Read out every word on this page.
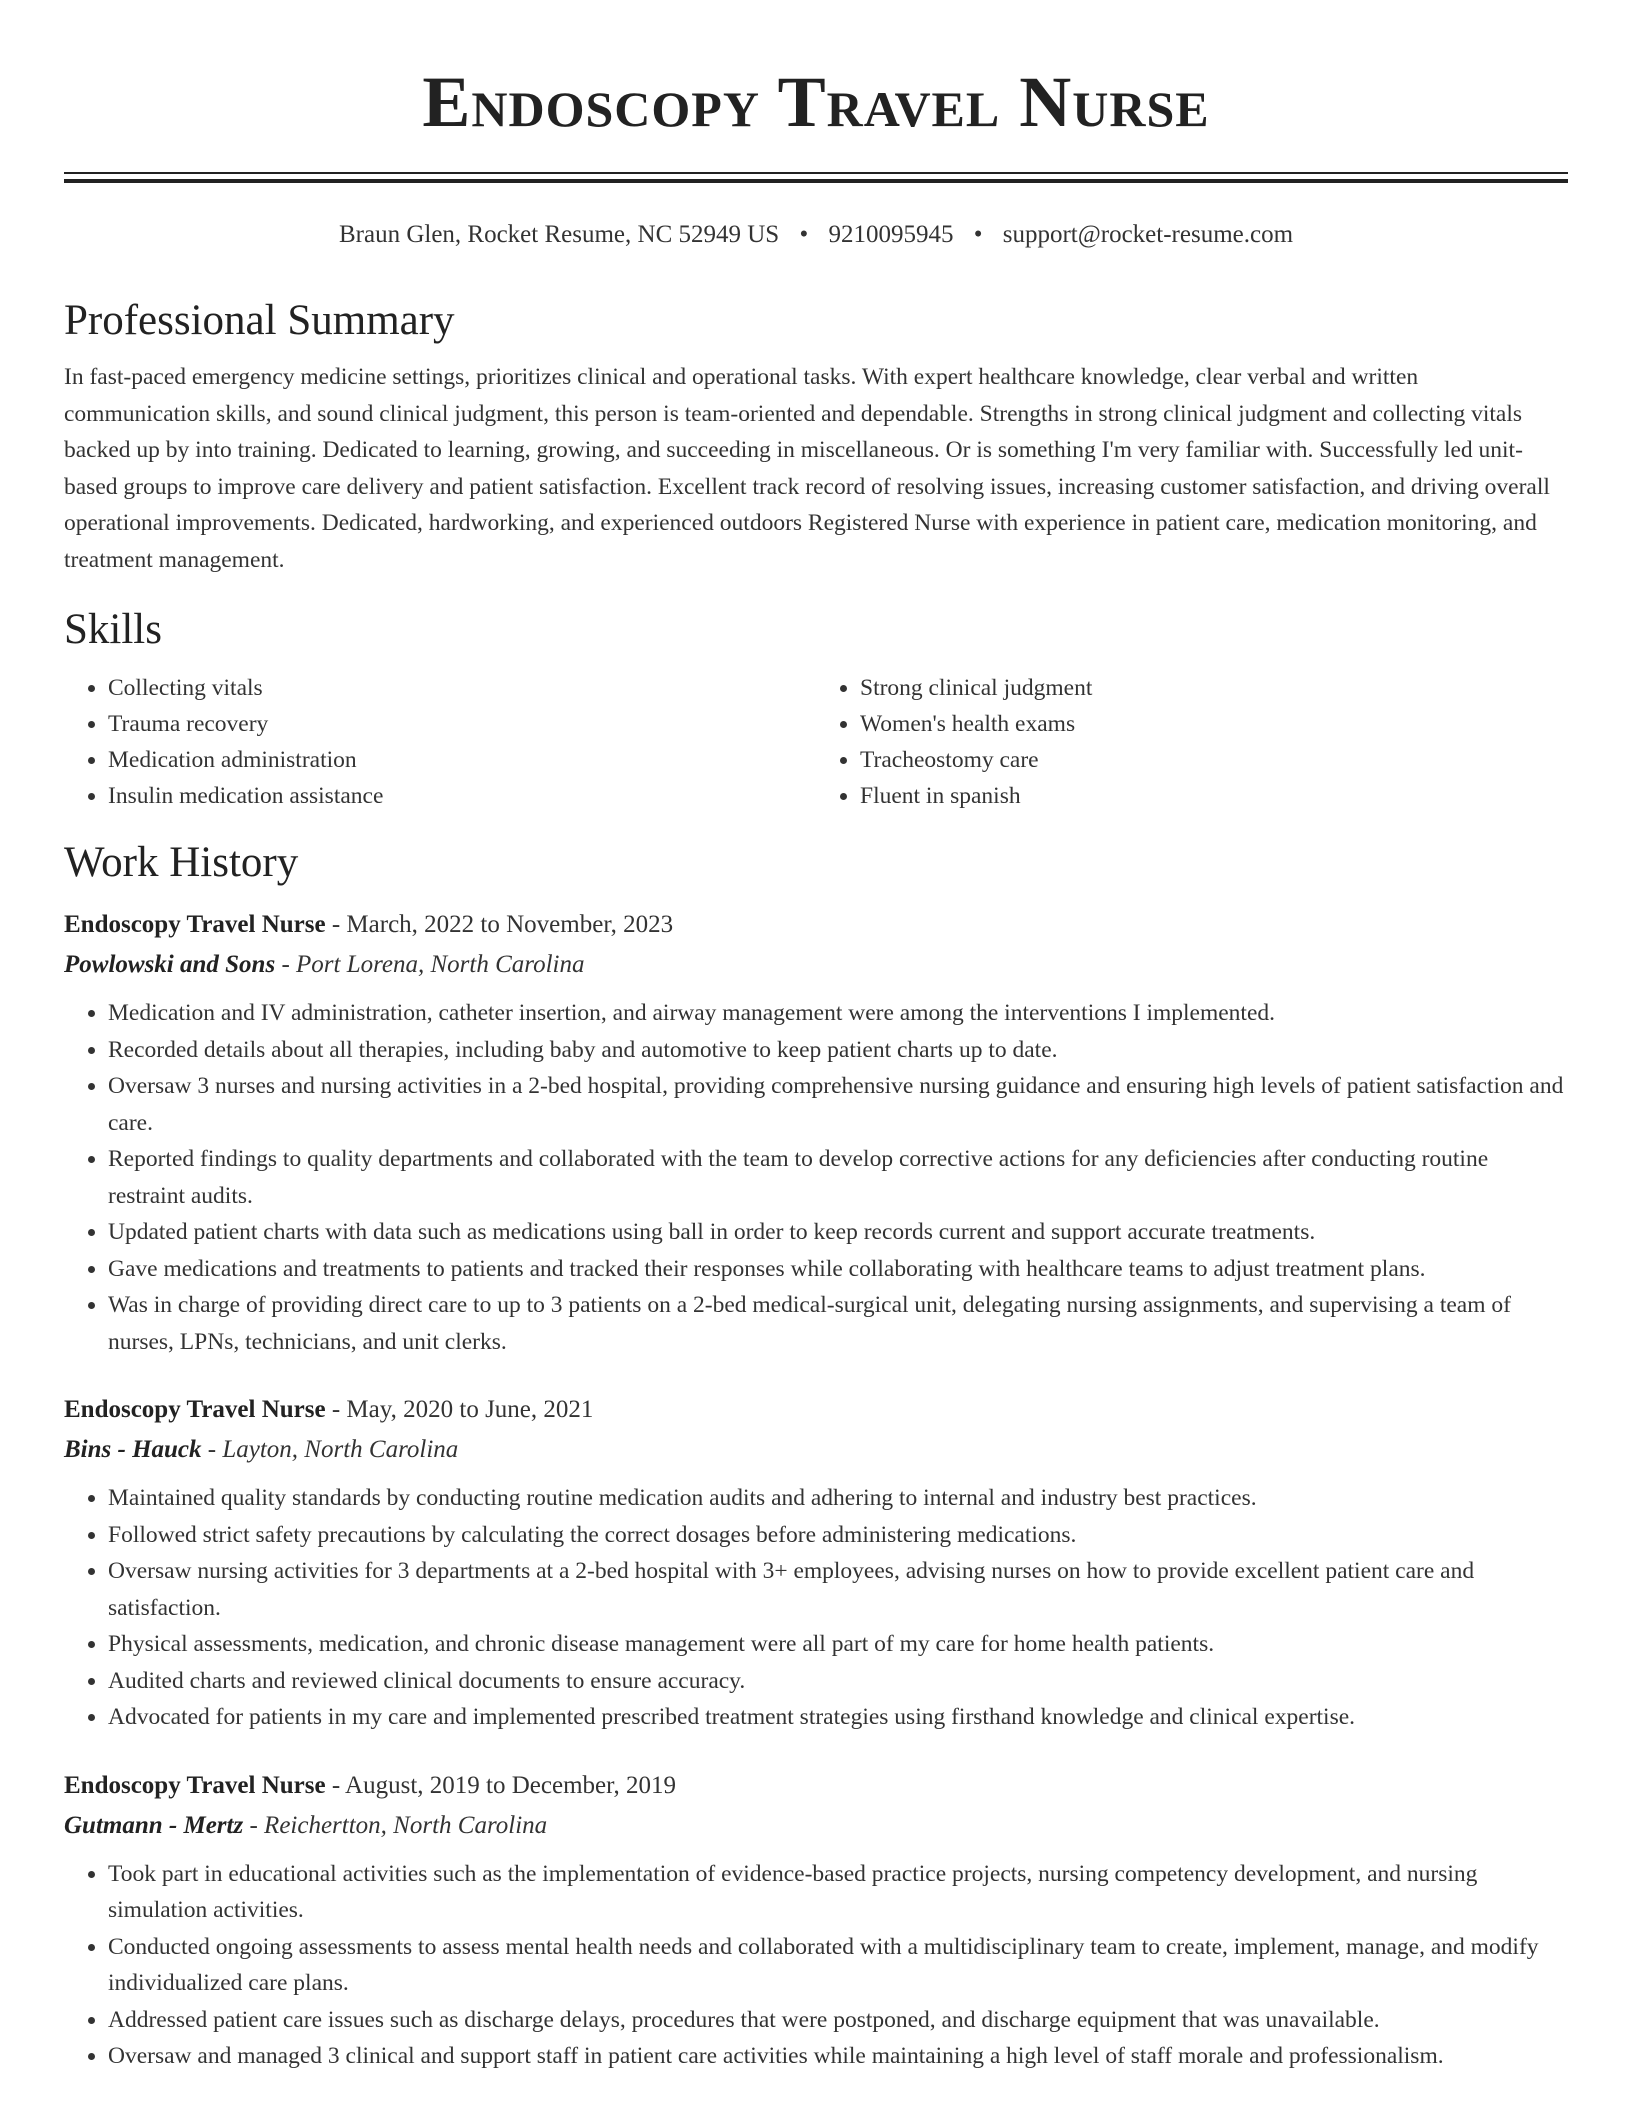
Endoscopy Travel Nurse
Braun Glen, Rocket Resume, NC 52949 US • 9210095945 • support@rocket-resume.com
Professional Summary

In fast-paced emergency medicine settings, prioritizes clinical and operational tasks. With expert healthcare knowledge, clear verbal and written communication skills, and sound clinical judgment, this person is team-oriented and dependable. Strengths in strong clinical judgment and collecting vitals backed up by into training. Dedicated to learning, growing, and succeeding in miscellaneous. Or is something I'm very familiar with. Successfully led unit-based groups to improve care delivery and patient satisfaction. Excellent track record of resolving issues, increasing customer satisfaction, and driving overall operational improvements. Dedicated, hardworking, and experienced outdoors Registered Nurse with experience in patient care, medication monitoring, and treatment management.

Skills
• Collecting vitals
• Trauma recovery
• Medication administration
• Insulin medication assistance
• Strong clinical judgment
• Women's health exams
• Tracheostomy care
• Fluent in spanish
Work History
Endoscopy Travel Nurse - March, 2022 to November, 2023
Powlowski and Sons - Port Lorena, North Carolina
• Medication and IV administration, catheter insertion, and airway management were among the interventions I implemented.
• Recorded details about all therapies, including baby and automotive to keep patient charts up to date.
• Oversaw 3 nurses and nursing activities in a 2-bed hospital, providing comprehensive nursing guidance and ensuring high levels of patient satisfaction and care.
• Reported findings to quality departments and collaborated with the team to develop corrective actions for any deficiencies after conducting routine restraint audits.
• Updated patient charts with data such as medications using ball in order to keep records current and support accurate treatments.
• Gave medications and treatments to patients and tracked their responses while collaborating with healthcare teams to adjust treatment plans.
• Was in charge of providing direct care to up to 3 patients on a 2-bed medical-surgical unit, delegating nursing assignments, and supervising a team of nurses, LPNs, technicians, and unit clerks.
Endoscopy Travel Nurse - May, 2020 to June, 2021
Bins - Hauck - Layton, North Carolina
• Maintained quality standards by conducting routine medication audits and adhering to internal and industry best practices.
• Followed strict safety precautions by calculating the correct dosages before administering medications.
• Oversaw nursing activities for 3 departments at a 2-bed hospital with 3+ employees, advising nurses on how to provide excellent patient care and satisfaction.
• Physical assessments, medication, and chronic disease management were all part of my care for home health patients.
• Audited charts and reviewed clinical documents to ensure accuracy.
• Advocated for patients in my care and implemented prescribed treatment strategies using firsthand knowledge and clinical expertise.
Endoscopy Travel Nurse - August, 2019 to December, 2019
Gutmann - Mertz - Reichertton, North Carolina
• Took part in educational activities such as the implementation of evidence-based practice projects, nursing competency development, and nursing simulation activities.
• Conducted ongoing assessments to assess mental health needs and collaborated with a multidisciplinary team to create, implement, manage, and modify individualized care plans.
• Addressed patient care issues such as discharge delays, procedures that were postponed, and discharge equipment that was unavailable.
• Oversaw and managed 3 clinical and support staff in patient care activities while maintaining a high level of staff morale and professionalism.
